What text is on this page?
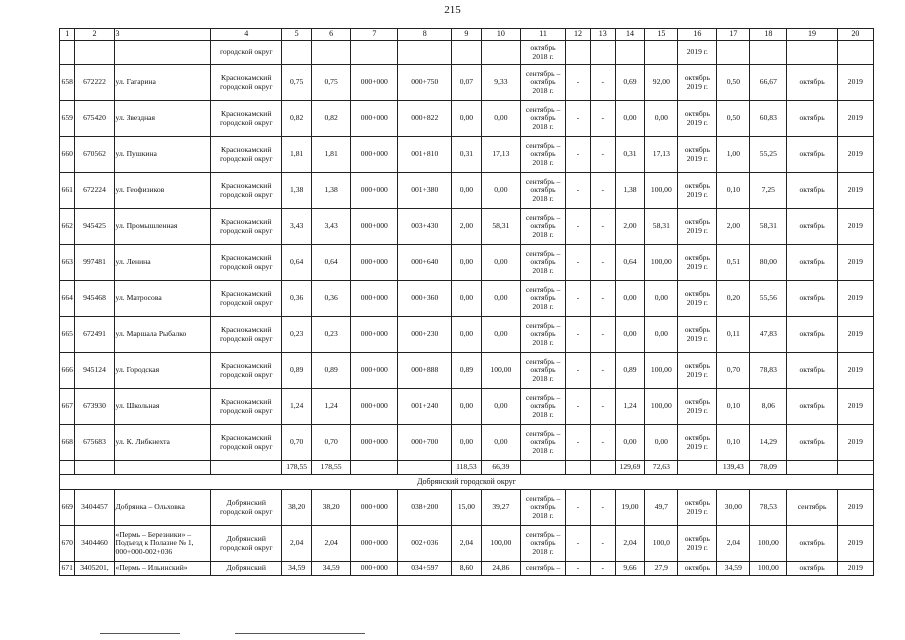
215
1	2	3	4	5	6	7	8	9	10	11	12	13	14	15	16	17	18	19	20
			городской округ							октябрь 2018 г.					2019 г.				
658	672222	ул. Гагарина	Краснокамский городской округ	0,75	0,75	000+000	000+750	0,07	9,33	сентябрь – октябрь 2018 г.	-	-	0,69	92,00	октябрь 2019 г.	0,50	66,67	октябрь	2019
659	675420	ул. Звездная	Краснокамский городской округ	0,82	0,82	000+000	000+822	0,00	0,00	сентябрь – октябрь 2018 г.	-	-	0,00	0,00	октябрь 2019 г.	0,50	60,83	октябрь	2019
660	670562	ул. Пушкина	Краснокамский городской округ	1,81	1,81	000+000	001+810	0,31	17,13	сентябрь – октябрь 2018 г.	-	-	0,31	17,13	октябрь 2019 г.	1,00	55,25	октябрь	2019
661	672224	ул. Геофизиков	Краснокамский городской округ	1,38	1,38	000+000	001+380	0,00	0,00	сентябрь – октябрь 2018 г.	-	-	1,38	100,00	октябрь 2019 г.	0,10	7,25	октябрь	2019
662	945425	ул. Промышленная	Краснокамский городской округ	3,43	3,43	000+000	003+430	2,00	58,31	сентябрь – октябрь 2018 г.	-	-	2,00	58,31	октябрь 2019 г.	2,00	58,31	октябрь	2019
663	997481	ул. Ленина	Краснокамский городской округ	0,64	0,64	000+000	000+640	0,00	0,00	сентябрь – октябрь 2018 г.	-	-	0,64	100,00	октябрь 2019 г.	0,51	80,00	октябрь	2019
664	945468	ул. Матросова	Краснокамский городской округ	0,36	0,36	000+000	000+360	0,00	0,00	сентябрь – октябрь 2018 г.	-	-	0,00	0,00	октябрь 2019 г.	0,20	55,56	октябрь	2019
665	672491	ул. Маршала Рыбалко	Краснокамский городской округ	0,23	0,23	000+000	000+230	0,00	0,00	сентябрь – октябрь 2018 г.	-	-	0,00	0,00	октябрь 2019 г.	0,11	47,83	октябрь	2019
666	945124	ул. Городская	Краснокамский городской округ	0,89	0,89	000+000	000+888	0,89	100,00	сентябрь – октябрь 2018 г.	-	-	0,89	100,00	октябрь 2019 г.	0,70	78,83	октябрь	2019
667	673930	ул. Школьная	Краснокамский городской округ	1,24	1,24	000+000	001+240	0,00	0,00	сентябрь – октябрь 2018 г.	-	-	1,24	100,00	октябрь 2019 г.	0,10	8,06	октябрь	2019
668	675683	ул. К. Либкнехта	Краснокамский городской округ	0,70	0,70	000+000	000+700	0,00	0,00	сентябрь – октябрь 2018 г.	-	-	0,00	0,00	октябрь 2019 г.	0,10	14,29	октябрь	2019
				178,55	178,55			118,53	66,39				129,69	72,63		139,43	78,09		
Добрянский городской округ																			
669	3404457	Добрянка – Ольховка	Добрянский городской округ	38,20	38,20	000+000	038+200	15,00	39,27	сентябрь – октябрь 2018 г.	-	-	19,00	49,7	октябрь 2019 г.	30,00	78,53	сентябрь	2019
670	3404460	«Пермь – Березники» – Подъезд к Полазне № 1, 000+000-002+036	Добрянский городской округ	2,04	2,04	000+000	002+036	2,04	100,00	сентябрь – октябрь 2018 г.	-	-	2,04	100,0	октябрь 2019 г.	2,04	100,00	октябрь	2019
671	3405201,	«Пермь – Ильинский»	Добрянский	34,59	34,59	000+000	034+597	8,60	24,86	сентябрь –	-	-	9,66	27,9	октябрь	34,59	100,00	октябрь	2019
